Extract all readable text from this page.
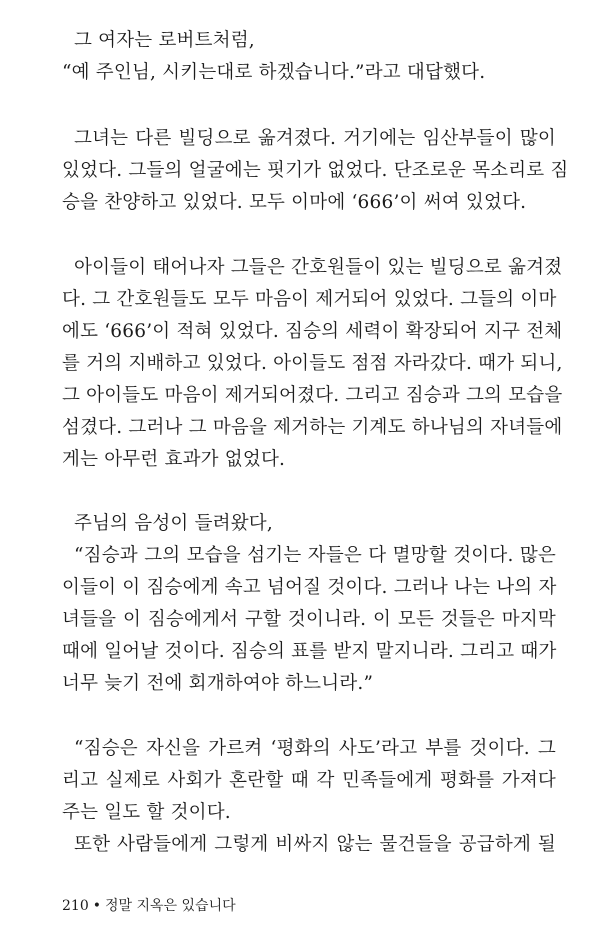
그 여자는 로버트처럼,
“예 주인님, 시키는대로 하겠습니다.”라고 대답했다.
그녀는 다른 빌딩으로 옮겨졌다. 거기에는 임산부들이 많이
있었다. 그들의 얼굴에는 핏기가 없었다. 단조로운 목소리로 짐
승을 찬양하고 있었다. 모두 이마에 ‘666’이 써여 있었다.
아이들이 태어나자 그들은 간호원들이 있는 빌딩으로 옮겨졌
다. 그 간호원들도 모두 마음이 제거되어 있었다. 그들의 이마
에도 ‘666’이 적혀 있었다. 짐승의 세력이 확장되어 지구 전체
를 거의 지배하고 있었다. 아이들도 점점 자라갔다. 때가 되니,
그 아이들도 마음이 제거되어졌다. 그리고 짐승과 그의 모습을
섬겼다. 그러나 그 마음을 제거하는 기계도 하나님의 자녀들에
게는 아무런 효과가 없었다.
주님의 음성이 들려왔다,
“짐승과 그의 모습을 섬기는 자들은 다 멸망할 것이다. 많은
이들이 이 짐승에게 속고 넘어질 것이다. 그러나 나는 나의 자
녀들을 이 짐승에게서 구할 것이니라. 이 모든 것들은 마지막
때에 일어날 것이다. 짐승의 표를 받지 말지니라. 그리고 때가
너무 늦기 전에 회개하여야 하느니라.”
“짐승은 자신을 가르켜 ‘평화의 사도’라고 부를 것이다. 그
리고 실제로 사회가 혼란할 때 각 민족들에게 평화를 가져다
주는 일도 할 것이다.
또한 사람들에게 그렇게 비싸지 않는 물건들을 공급하게 될
210 • 정말 지옥은 있습니다
